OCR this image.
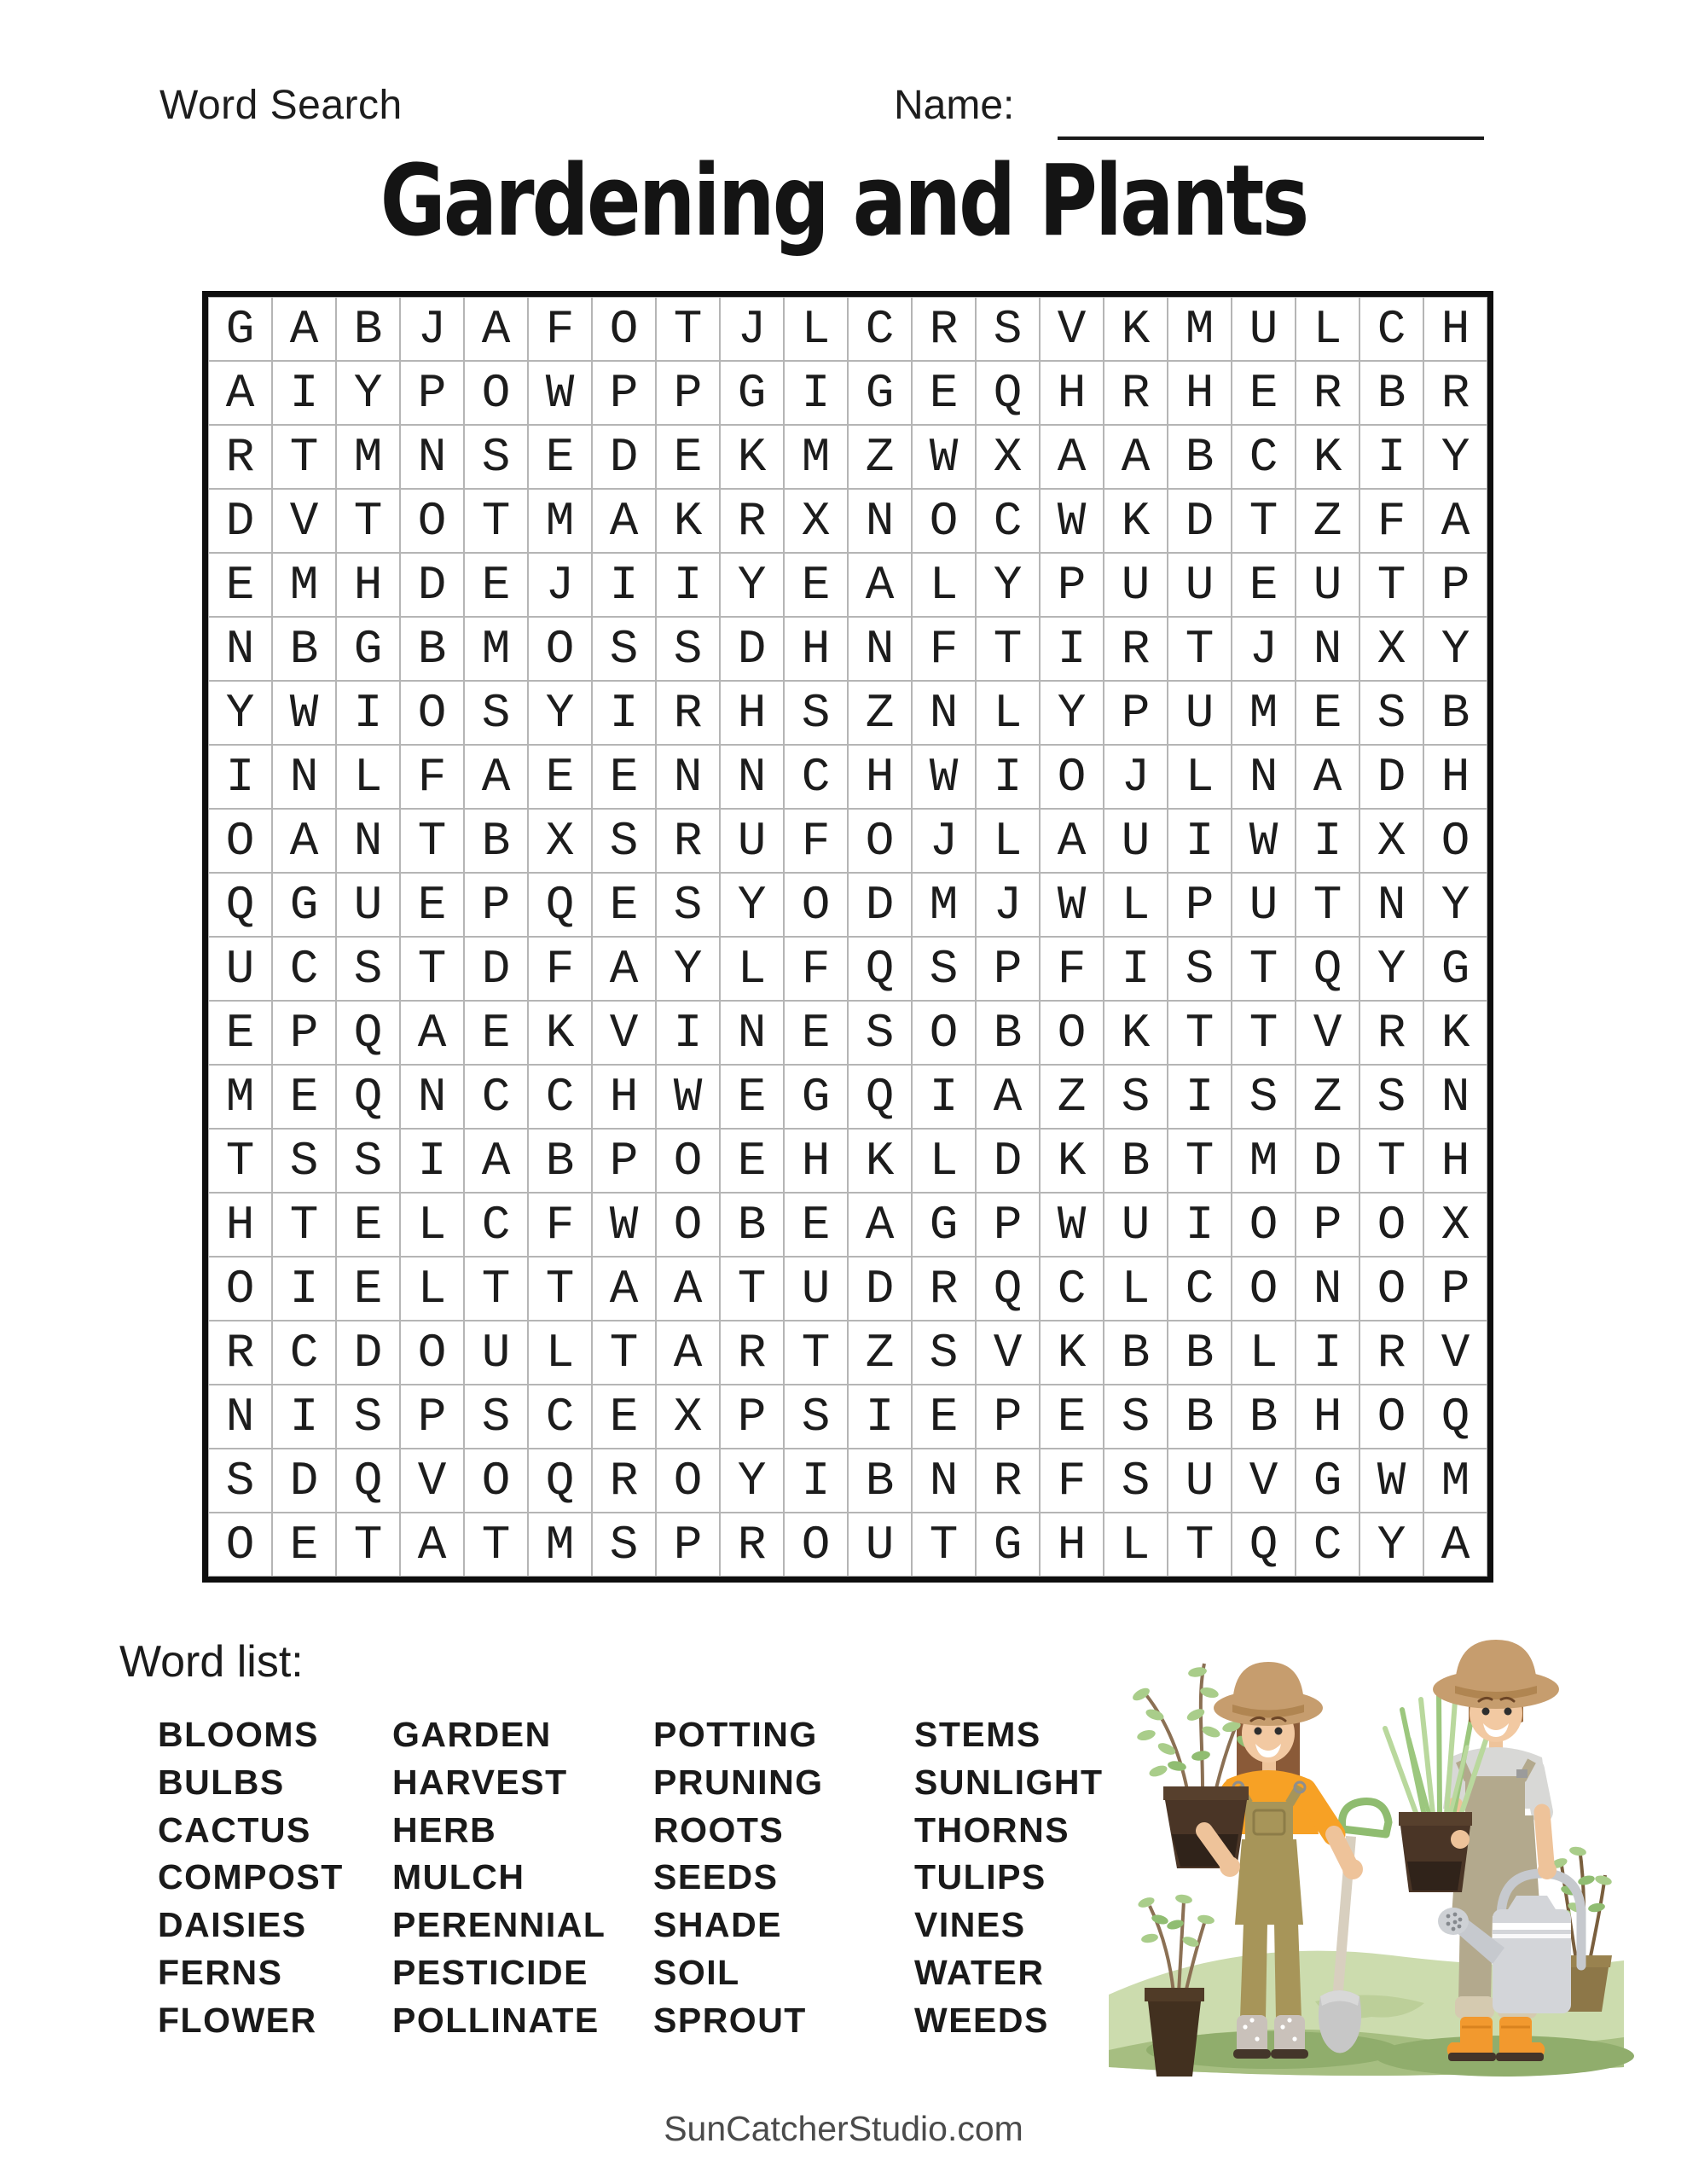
Word Search	Name:
Gardening and Plants
G A B J A F O T J L C R S V K M U L C H
A I Y P O W P P G I G E Q H R H E R B R
R T M N S E D E K M Z W X A A B C K I Y
D V T O T M A K R X N O C W K D T Z F A
E M H D E J I I Y E A L Y P U U E U T P
N B G B M O S S D H N F T I R T J N X Y
Y W I O S Y I R H S Z N L Y P U M E S B
I N L F A E E N N C H W I O J L N A D H
O A N T B X S R U F O J L A U I W I X O
Q G U E P Q E S Y O D M J W L P U T N Y
U C S T D F A Y L F Q S P F I S T Q Y G
E P Q A E K V I N E S O B O K T T V R K
M E Q N C C H W E G Q I A Z S I S Z S N
T S S I A B P O E H K L D K B T M D T H
H T E L C F W O B E A G P W U I O P O X
O I E L T T A A T U D R Q C L C O N O P
R C D O U L T A R T Z S V K B B L I R V
N I S P S C E X P S I E P E S B B H O Q
S D Q V O Q R O Y I B N R F S U V G W M
O E T A T M S P R O U T G H L T Q C Y A
Word list:
BLOOMS
BULBS
CACTUS
COMPOST
DAISIES
FERNS
FLOWER
GARDEN
HARVEST
HERB
MULCH
PERENNIAL
PESTICIDE
POLLINATE
POTTING
PRUNING
ROOTS
SEEDS
SHADE
SOIL
SPROUT
STEMS
SUNLIGHT
THORNS
TULIPS
VINES
WATER
WEEDS
SunCatcherStudio.com
